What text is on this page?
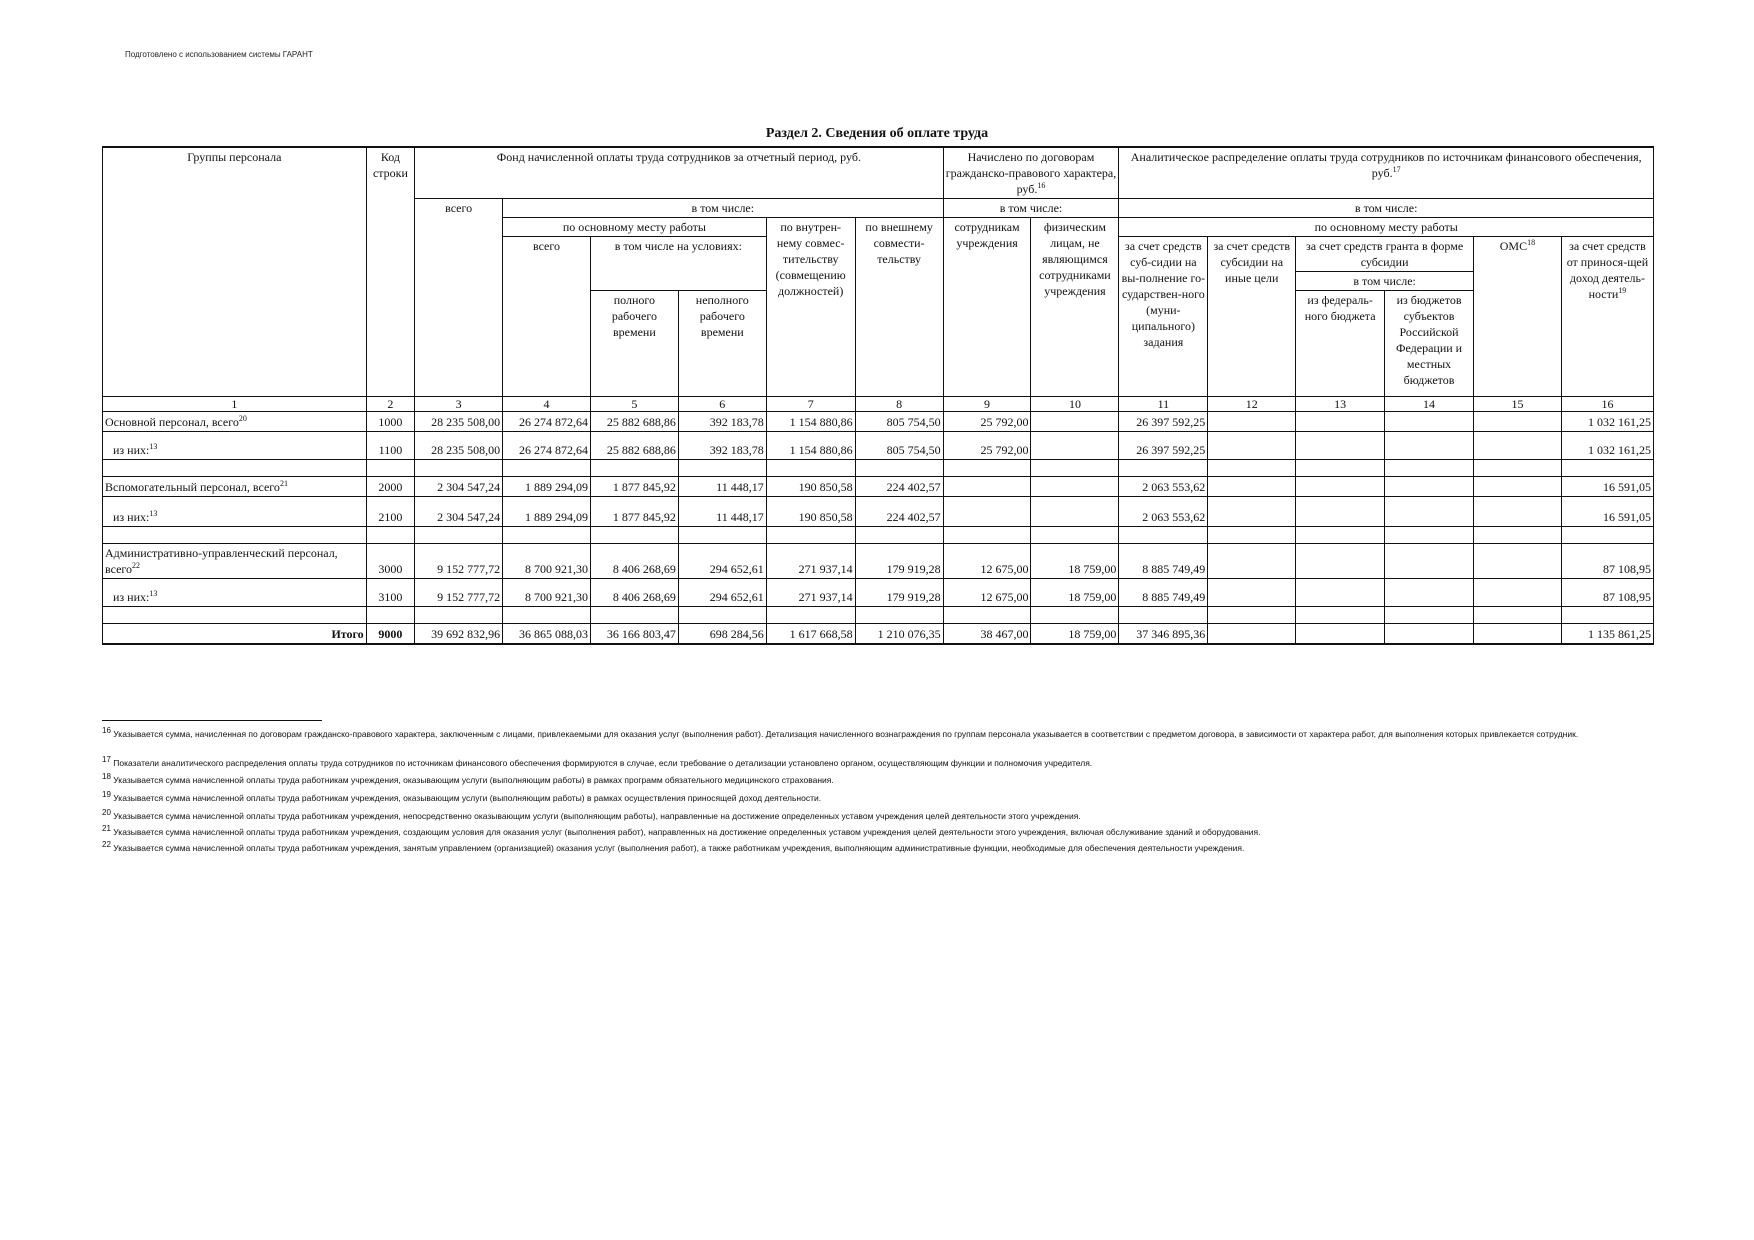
Подготовлено с использованием системы ГАРАНТ
Раздел 2. Сведения об оплате труда
Группы персонала	Код строки	Фонд начисленной оплаты труда сотрудников за отчетный период, руб.						Начислено по договорам гражданско-правового характера, руб.$^{16}$		Аналитическое распределение оплаты труда сотрудников по источникам финансового обеспечения, руб.$^{17}$
		всего	в том числе:					в том числе:		в том числе:					
			по основному месту работы			по внутрен-нему совмес-тительству (совмещению должностей)	по внешнему совмести-тельству	сотрудникам учреждения	физическим лицам, не являющимся сотрудниками учреждения	по основному месту работы					
			всего	в том числе на условиях:						за счет средств суб-сидии на вы-полнение го-сударствен-ного (муни-ципального) задания	за счет средств субсидии на иные цели	за счет средств гранта в форме субсидии		ОМС$^{18}$	за счет средств от принося-щей доход деятель-ности$^{19}$
												в том числе:			
				полного рабочего времени	неполного рабочего времени							из федераль-ного бюджета	из бюджетов субъектов Российской Федерации и местных бюджетов		
1	2	3	4	5	6	7	8	9	10	11	12	13	14	15	16
Основной персонал, всего$^{20}$	1000	28 235 508,00	26 274 872,64	25 882 688,86	392 183,78	1 154 880,86	805 754,50	25 792,00		26 397 592,25					1 032 161,25

из них:$^{13}$	1100	28 235 508,00	26 274 872,64	25 882 688,86	392 183,78	1 154 880,86	805 754,50	25 792,00		26 397 592,25					1 032 161,25

Вспомогательный персонал, всего$^{21}$	2000	2 304 547,24	1 889 294,09	1 877 845,92	11 448,17	190 850,58	224 402,57			2 063 553,62					16 591,05

из них:$^{13}$	2100	2 304 547,24	1 889 294,09	1 877 845,92	11 448,17	190 850,58	224 402,57			2 063 553,62					16 591,05

Административно-управленческий персонал, всего$^{22}$	3000	9 152 777,72	8 700 921,30	8 406 268,69	294 652,61	271 937,14	179 919,28	12 675,00	18 759,00	8 885 749,49					87 108,95

из них:$^{13}$	3100	9 152 777,72	8 700 921,30	8 406 268,69	294 652,61	271 937,14	179 919,28	12 675,00	18 759,00	8 885 749,49					87 108,95

Итого	9000	39 692 832,96	36 865 088,03	36 166 803,47	698 284,56	1 617 668,58	1 210 076,35	38 467,00	18 759,00	37 346 895,36					1 135 861,25
$^{16}$ Указывается сумма, начисленная по договорам гражданско-правового характера, заключенным с лицами, привлекаемыми для оказания услуг (выполнения работ). Детализация начисленного вознаграждения по группам персонала указывается в соответствии с предметом договора, в зависимости от характера работ, для выполнения которых привлекается сотрудник.
$^{17}$ Показатели аналитического распределения оплаты труда сотрудников по источникам финансового обеспечения формируются в случае, если требование о детализации установлено органом, осуществляющим функции и полномочия учредителя.
$^{18}$ Указывается сумма начисленной оплаты труда работникам учреждения, оказывающим услуги (выполняющим работы) в рамках программ обязательного медицинского страхования.
$^{19}$ Указывается сумма начисленной оплаты труда работникам учреждения, оказывающим услуги (выполняющим работы) в рамках осуществления приносящей доход деятельности.
$^{20}$ Указывается сумма начисленной оплаты труда работникам учреждения, непосредственно оказывающим услуги (выполняющим работы), направленные на достижение определенных уставом учреждения целей деятельности этого учреждения.
$^{21}$ Указывается сумма начисленной оплаты труда работникам учреждения, создающим условия для оказания услуг (выполнения работ), направленных на достижение определенных уставом учреждения целей деятельности этого учреждения, включая обслуживание зданий и оборудования.
$^{22}$ Указывается сумма начисленной оплаты труда работникам учреждения, занятым управлением (организацией) оказания услуг (выполнения работ), а также работникам учреждения, выполняющим административные функции, необходимые для обеспечения деятельности учреждения.
